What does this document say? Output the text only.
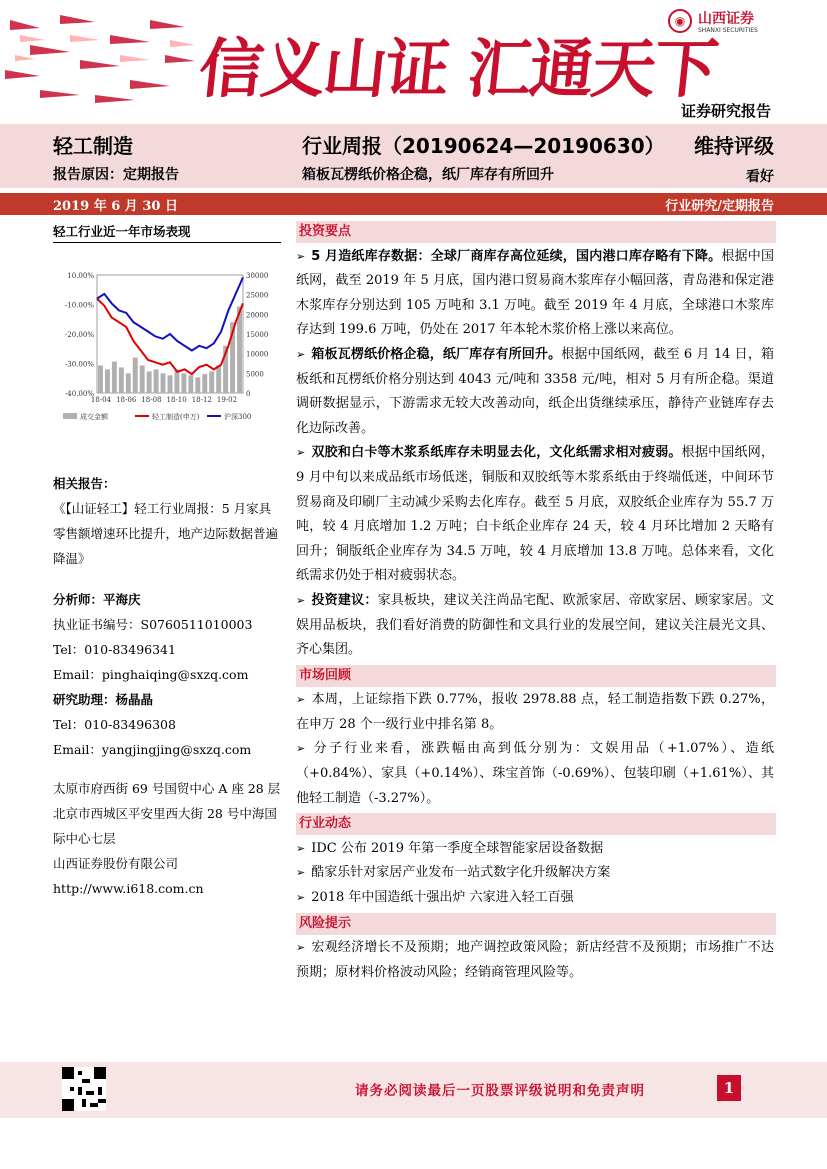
信义山证 汇通天下
◉ 山西证券
SHANXI SECURITIES
证券研究报告
轻工制造	行业周报（20190624—20190630） 维持评级
报告原因：定期报告	箱板瓦楞纸价格企稳，纸厂库存有所回升	看好
2019 年 6 月 30 日	行业研究/定期报告
轻工行业近一年市场表现
10.00%
-10.00%
-20.00%
-30.00%
-40.00%
30000
25000
20000
15000
10000
5000
0
18-04 18-06 18-08 18-10 18-12 19-02
成交金额	轻工制造(申万)	沪深300

相关报告：

《【山证轻工】轻工行业周报：5 月家具零售额增速环比提升，地产边际数据普遍降温》

分析师：平海庆

执业证书编号：S0760511010003

Tel：010-83496341

Email：pinghaiqing@sxzq.com

研究助理：杨晶晶

Tel：010-83496308

Email：yangjingjing@sxzq.com

太原市府西街 69 号国贸中心 A 座 28 层

北京市西城区平安里西大街 28 号中海国际中心七层

山西证券股份有限公司

http://www.i618.com.cn

投资要点

➢ 5 月造纸库存数据：全球厂商库存高位延续，国内港口库存略有下降。根据中国纸网，截至 2019 年 5 月底，国内港口贸易商木浆库存小幅回落，青岛港和保定港木浆库存分别达到 105 万吨和 3.1 万吨。截至 2019 年 4 月底，全球港口木浆库存达到 199.6 万吨，仍处在 2017 年本轮木浆价格上涨以来高位。

➢ 箱板瓦楞纸价格企稳，纸厂库存有所回升。根据中国纸网，截至 6 月 14 日，箱板纸和瓦楞纸价格分别达到 4043 元/吨和 3358 元/吨，相对 5 月有所企稳。渠道调研数据显示，下游需求无较大改善动向，纸企出货继续承压，静待产业链库存去化边际改善。

➢ 双胶和白卡等木浆系纸库存未明显去化，文化纸需求相对疲弱。根据中国纸网，9 月中旬以来成品纸市场低迷，铜版和双胶纸等木浆系纸由于终端低迷，中间环节贸易商及印刷厂主动减少采购去化库存。截至 5 月底，双胶纸企业库存为 55.7 万吨，较 4 月底增加 1.2 万吨；白卡纸企业库存 24 天，较 4 月环比增加 2 天略有回升；铜版纸企业库存为 34.5 万吨，较 4 月底增加 13.8 万吨。总体来看，文化纸需求仍处于相对疲弱状态。

➢ 投资建议：家具板块，建议关注尚品宅配、欧派家居、帝欧家居、顾家家居。文娱用品板块，我们看好消费的防御性和文具行业的发展空间，建议关注晨光文具、齐心集团。

市场回顾

➢ 本周，上证综指下跌 0.77%，报收 2978.88 点，轻工制造指数下跌 0.27%，在申万 28 个一级行业中排名第 8。

➢ 分子行业来看，涨跌幅由高到低分别为：文娱用品（+1.07%）、造纸（+0.84%）、家具（+0.14%）、珠宝首饰（-0.69%）、包装印刷（+1.61%）、其他轻工制造（-3.27%）。

行业动态

➢ IDC 公布 2019 年第一季度全球智能家居设备数据

➢ 酷家乐针对家居产业发布一站式数字化升级解决方案

➢ 2018 年中国造纸十强出炉 六家进入轻工百强

风险提示

➢ 宏观经济增长不及预期；地产调控政策风险；新店经营不及预期；市场推广不达预期；原材料价格波动风险；经销商管理风险等。

请务必阅读最后一页股票评级说明和免责声明	1
